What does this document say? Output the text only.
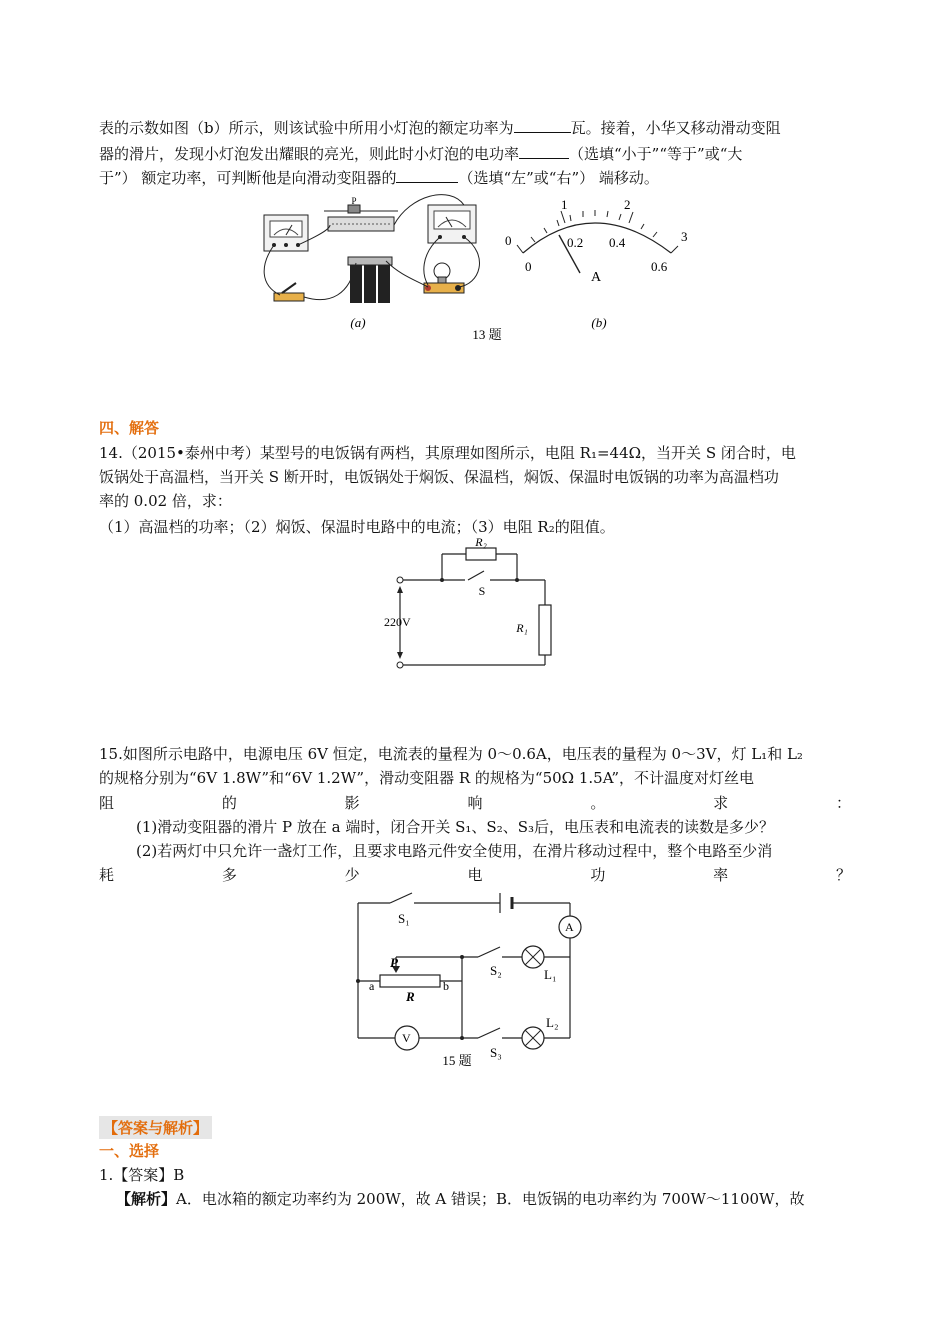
表的示数如图（b）所示，则该试验中所用小灯泡的额定功率为	瓦。接着，小华又移动滑动变阻
器的滑片，发现小灯泡发出耀眼的亮光，则此时小灯泡的电功率	（选填“小于”“等于”或“大
于”） 额定功率，可判断他是向滑动变阻器的	（选填“左”或“右”） 端移动。
P
(a)
13 题
0
1	2
3
0
0.2 0.4
0.6
A
(b)
四、解答
14.（2015•泰州中考）某型号的电饭锅有两档，其原理如图所示，电阻 R₁=44Ω，当开关 S 闭合时，电
饭锅处于高温档，当开关 S 断开时，电饭锅处于焖饭、保温档，焖饭、保温时电饭锅的功率为高温档功
率的 0.02 倍，求：
（1）高温档的功率；（2）焖饭、保温时电路中的电流；（3）电阻 R₂的阻值。
R₂
S
220V	R₁
15.如图所示电路中，电源电压 6V 恒定，电流表的量程为 0～0.6A，电压表的量程为 0～3V，灯 L₁和 L₂
的规格分别为“6V 1.8W”和“6V 1.2W”，滑动变阻器 R 的规格为“50Ω 1.5A”，不计温度对灯丝电
阻	的	影	响	。	求	：
(1)滑动变阻器的滑片 P 放在 a 端时，闭合开关 S₁、S₂、S₃后，电压表和电流表的读数是多少？
(2)若两灯中只允许一盏灯工作，且要求电路元件安全使用，在滑片移动过程中，整个电路至少消
耗	多	少	电	功	率	？
A
V
S₁
S₂
S₃
L₁
L₂
P
R
a	b
15 题
【答案与解析】
一、选择
1.【答案】B
【解析】A．电冰箱的额定功率约为 200W，故 A 错误；B．电饭锅的电功率约为 700W～1100W，故
